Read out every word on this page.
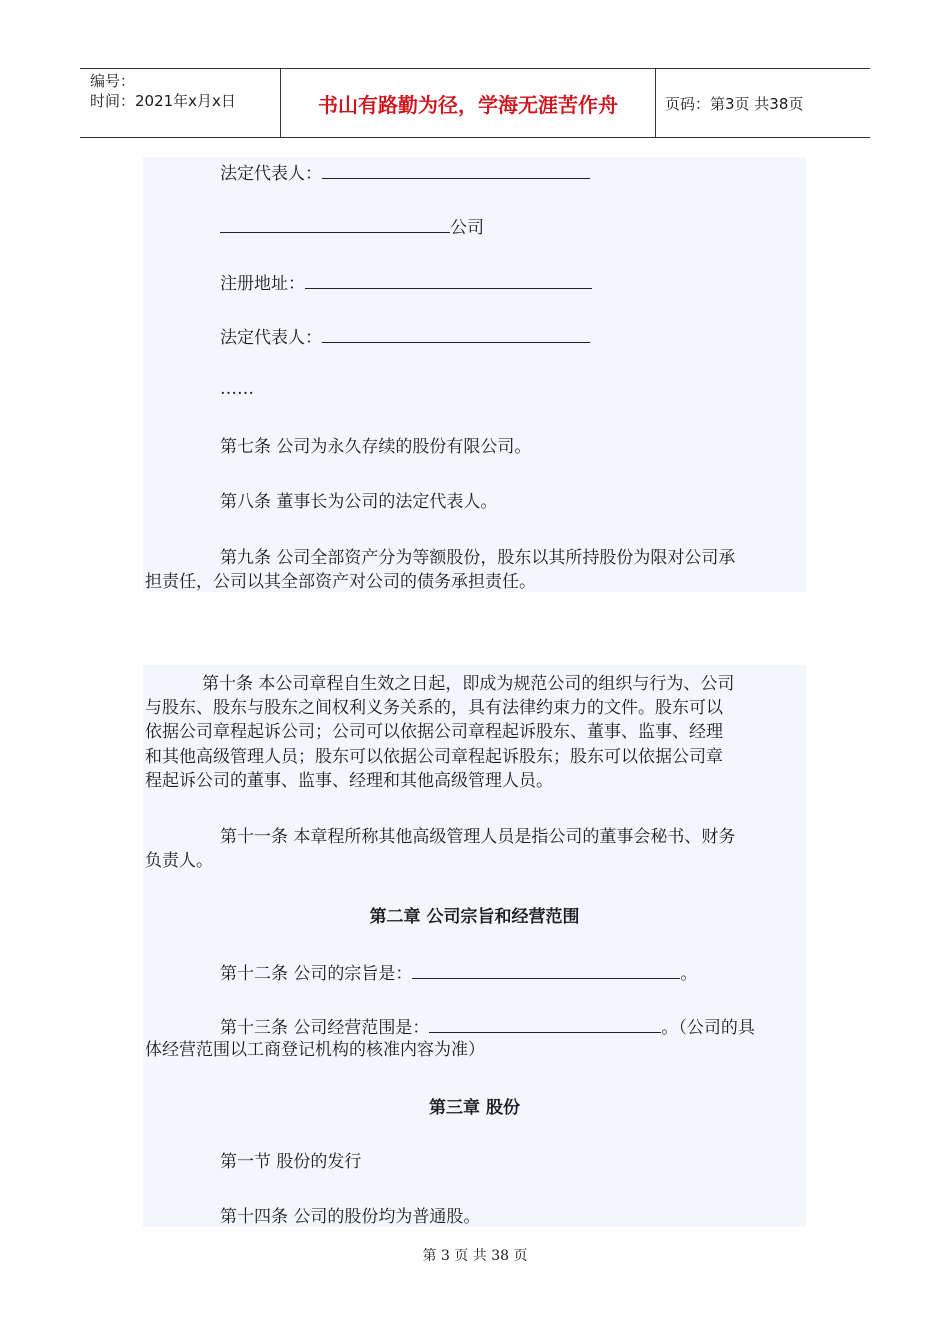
编号：
时间：2021年x月x日	书山有路勤为径，学海无涯苦作舟	页码：第3页 共38页
法定代表人：
公司
注册地址：
法定代表人：
……
第七条 公司为永久存续的股份有限公司。
第八条 董事长为公司的法定代表人。
第九条 公司全部资产分为等额股份，股东以其所持股份为限对公司承
担责任，公司以其全部资产对公司的债务承担责任。
第十条 本公司章程自生效之日起，即成为规范公司的组织与行为、公司
与股东、股东与股东之间权利义务关系的，具有法律约束力的文件。股东可以
依据公司章程起诉公司；公司可以依据公司章程起诉股东、董事、监事、经理
和其他高级管理人员；股东可以依据公司章程起诉股东；股东可以依据公司章
程起诉公司的董事、监事、经理和其他高级管理人员。
第十一条 本章程所称其他高级管理人员是指公司的董事会秘书、财务
负责人。
第二章 公司宗旨和经营范围
第十二条 公司的宗旨是：	。
第十三条 公司经营范围是：	。（公司的具
体经营范围以工商登记机构的核准内容为准）
第三章 股份
第一节 股份的发行
第十四条 公司的股份均为普通股。
第 3 页 共 38 页
